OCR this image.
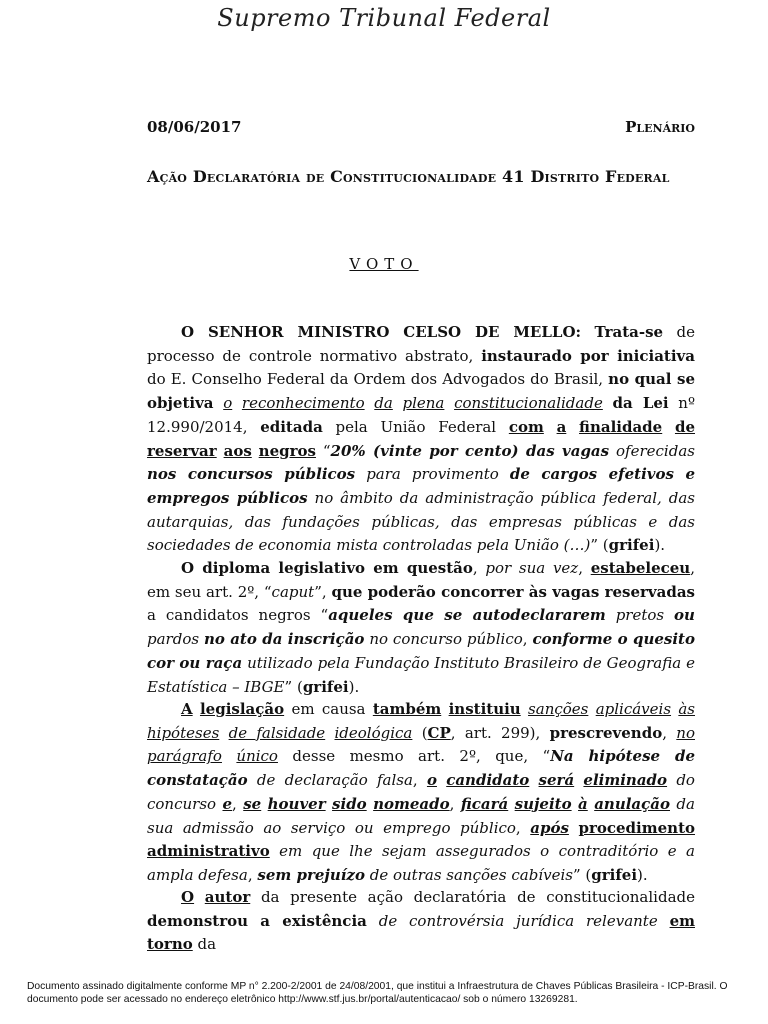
Supremo Tribunal Federal
08/06/2017	Plenário
Ação Declaratória de Constitucionalidade 41 Distrito Federal
VOTO

O SENHOR MINISTRO CELSO DE MELLO: Trata-se de processo de controle normativo abstrato, instaurado por iniciativa do E. Conselho Federal da Ordem dos Advogados do Brasil, no qual se objetiva o reconhecimento da plena constitucionalidade da Lei nº 12.990/2014, editada pela União Federal com a finalidade de reservar aos negros “20% (vinte por cento) das vagas oferecidas nos concursos públicos para provimento de cargos efetivos e empregos públicos no âmbito da administração pública federal, das autarquias, das fundações públicas, das empresas públicas e das sociedades de economia mista controladas pela União (…)” (grifei).

O diploma legislativo em questão, por sua vez, estabeleceu, em seu art. 2º, “caput”, que poderão concorrer às vagas reservadas a candidatos negros “aqueles que se autodeclararem pretos ou pardos no ato da inscrição no concurso público, conforme o quesito cor ou raça utilizado pela Fundação Instituto Brasileiro de Geografia e Estatística – IBGE” (grifei).

A legislação em causa também instituiu sanções aplicáveis às hipóteses de falsidade ideológica (CP, art. 299), prescrevendo, no parágrafo único desse mesmo art. 2º, que, “Na hipótese de constatação de declaração falsa, o candidato será eliminado do concurso e, se houver sido nomeado, ficará sujeito à anulação da sua admissão ao serviço ou emprego público, após procedimento administrativo em que lhe sejam assegurados o contraditório e a ampla defesa, sem prejuízo de outras sanções cabíveis” (grifei).

O autor da presente ação declaratória de constitucionalidade demonstrou a existência de controvérsia jurídica relevante em torno da

Documento assinado digitalmente conforme MP n° 2.200-2/2001 de 24/08/2001, que institui a Infraestrutura de Chaves Públicas Brasileira - ICP-Brasil. O
documento pode ser acessado no endereço eletrônico http://www.stf.jus.br/portal/autenticacao/ sob o número 13269281.
